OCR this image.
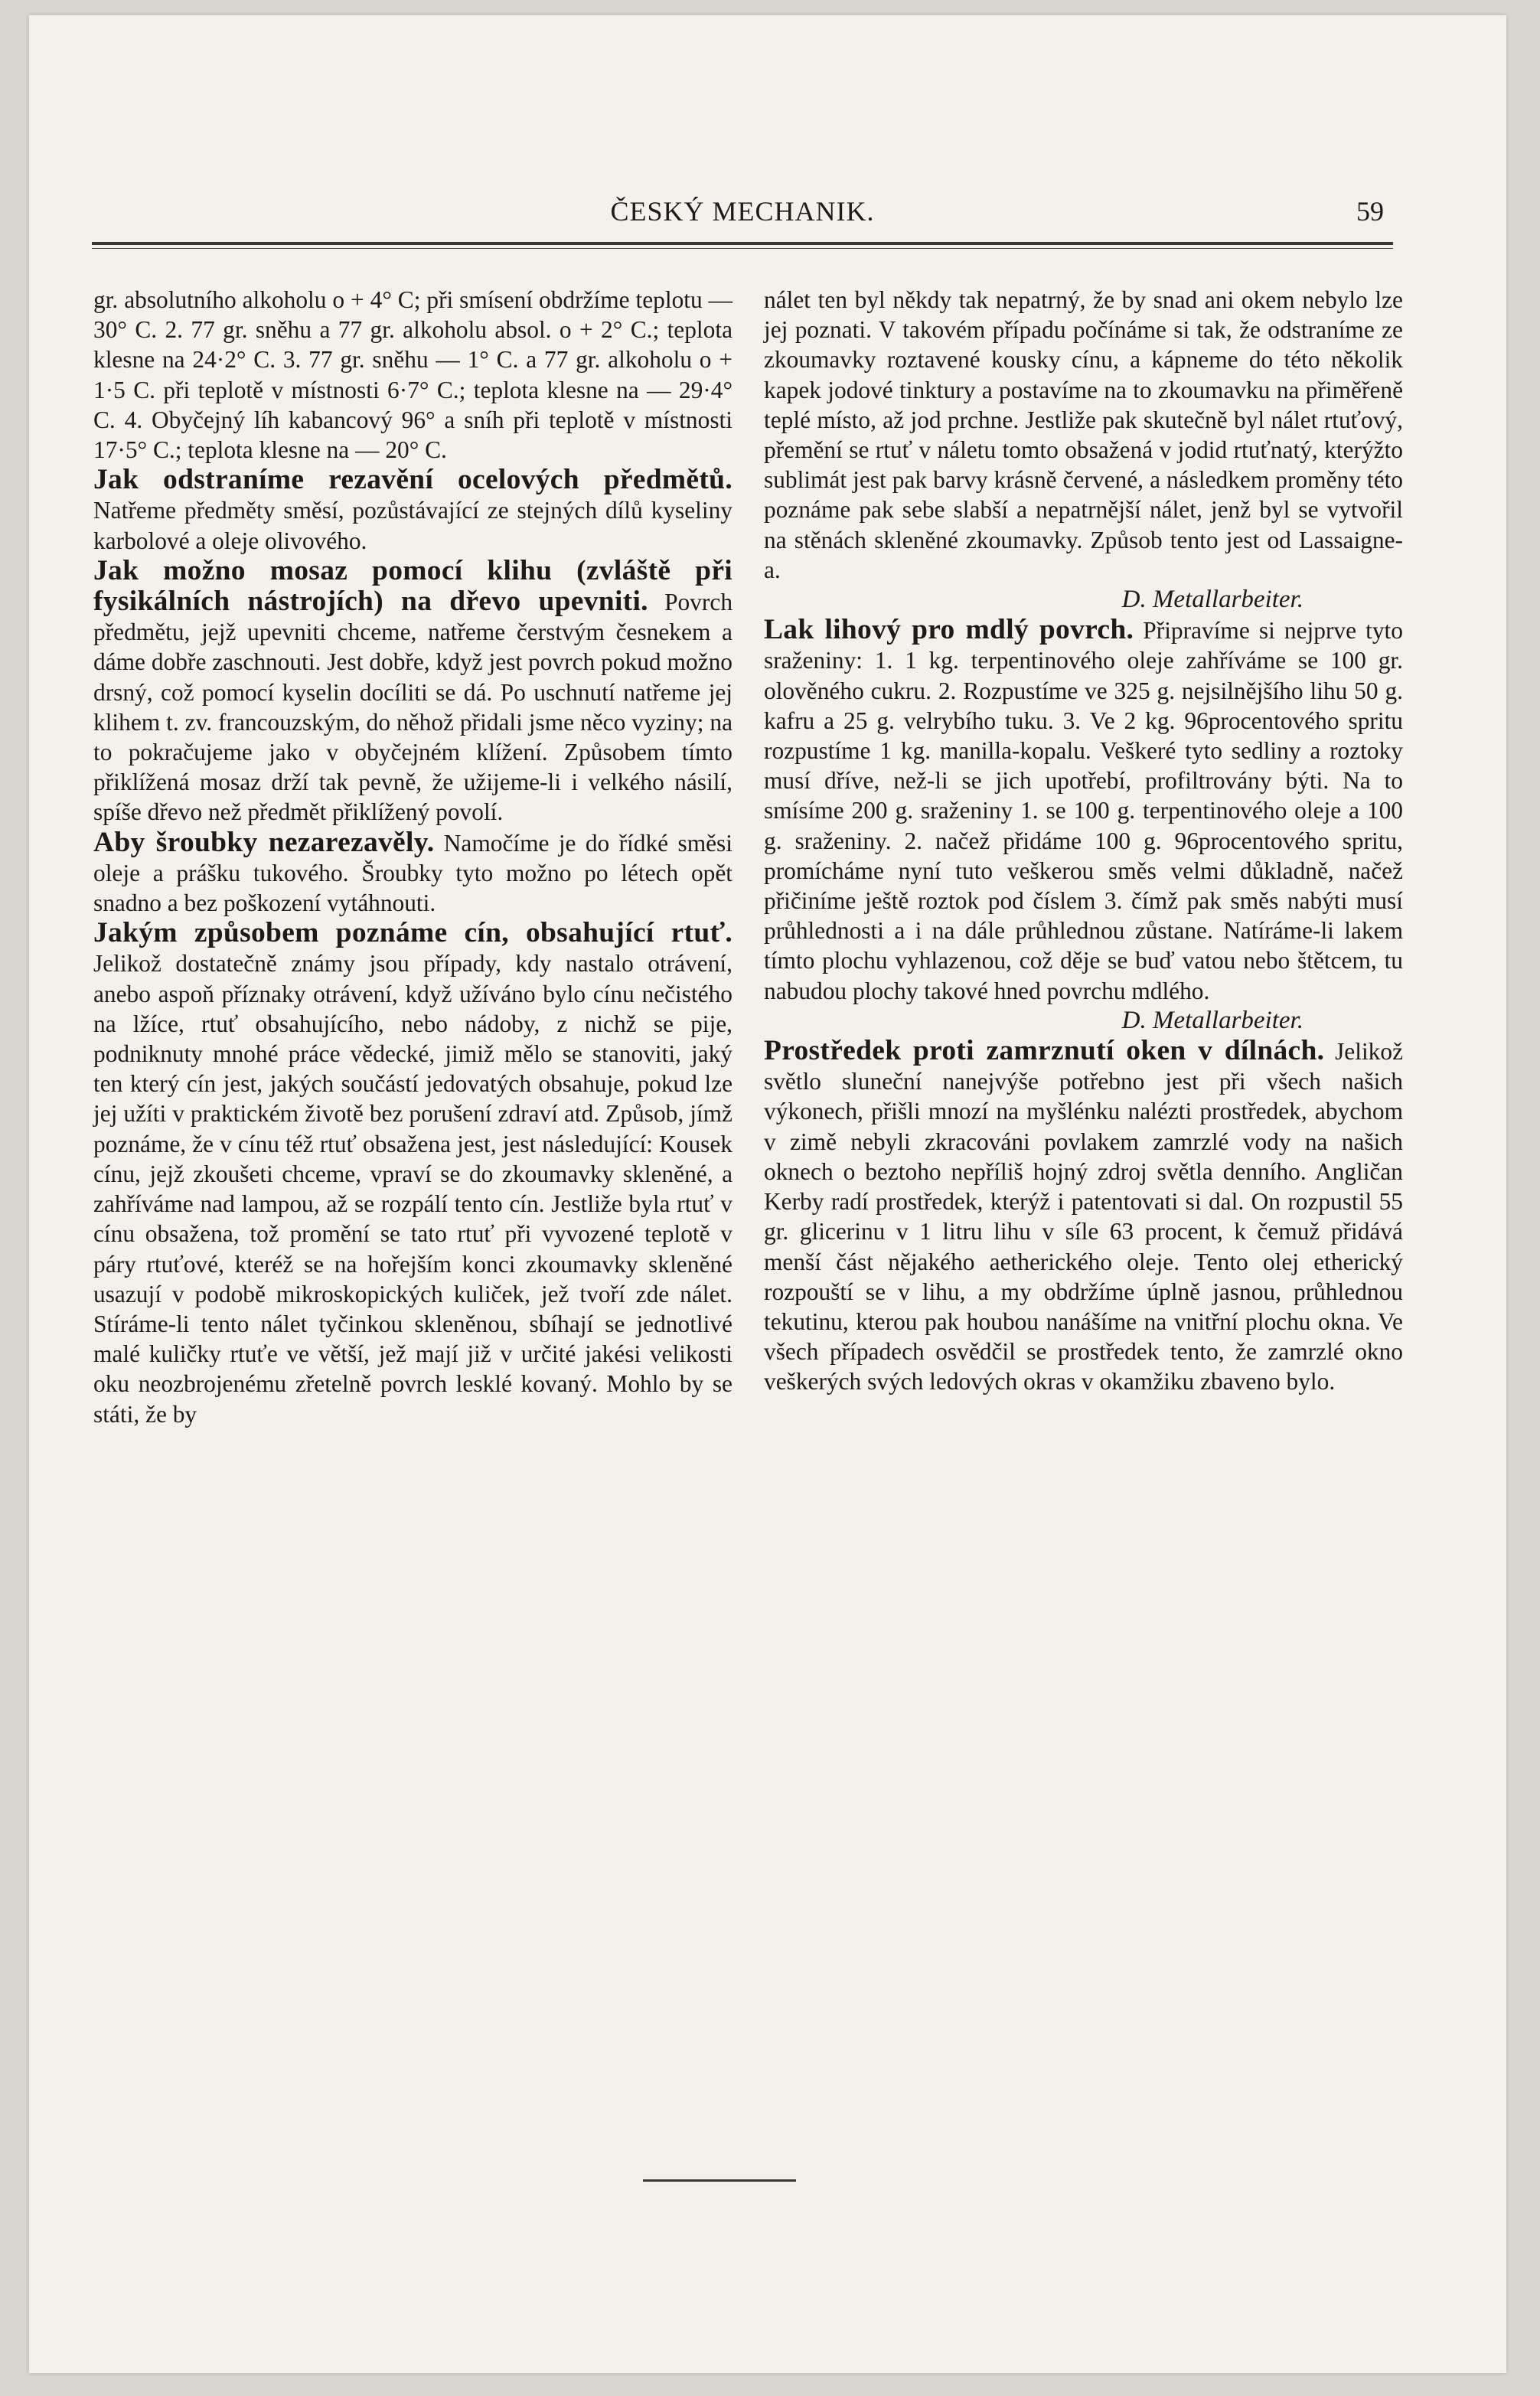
ČESKÝ MECHANIK.	59

gr. absolutního alkoholu o + 4° C; při smísení obdržíme teplotu — 30° C. 2. 77 gr. sněhu a 77 gr. alkoholu absol. o + 2° C.; teplota klesne na 24·2° C. 3. 77 gr. sněhu — 1° C. a 77 gr. alkoholu o + 1·5 C. při teplotě v místnosti 6·7° C.; teplota klesne na — 29·4° C. 4. Obyčejný líh kabancový 96° a sníh při teplotě v místnosti 17·5° C.; teplota klesne na — 20° C.

Jak odstraníme rezavění ocelových předmětů. Natřeme předměty směsí, pozůstávající ze stejných dílů kyseliny karbolové a oleje olivového.

Jak možno mosaz pomocí klihu (zvláště při fysikálních nástrojích) na dřevo upevniti. Povrch předmětu, jejž upevniti chceme, natřeme čerstvým česnekem a dáme dobře zaschnouti. Jest dobře, když jest povrch pokud možno drsný, což pomocí kyselin docíliti se dá. Po uschnutí natřeme jej klihem t. zv. francouzským, do něhož přidali jsme něco vyziny; na to pokračujeme jako v obyčejném klížení. Způsobem tímto přiklížená mosaz drží tak pevně, že užijeme-li i velkého násilí, spíše dřevo než předmět přiklížený povolí.

Aby šroubky nezarezavěly. Namočíme je do řídké směsi oleje a prášku tukového. Šroubky tyto možno po létech opět snadno a bez poškození vytáhnouti.

Jakým způsobem poznáme cín, obsahující rtuť. Jelikož dostatečně známy jsou případy, kdy nastalo otrávení, anebo aspoň příznaky otrávení, když užíváno bylo cínu nečistého na lžíce, rtuť obsahujícího, nebo nádoby, z nichž se pije, podniknuty mnohé práce vědecké, jimiž mělo se stanoviti, jaký ten který cín jest, jakých součástí jedovatých obsahuje, pokud lze jej užíti v praktickém životě bez porušení zdraví atd. Způsob, jímž poznáme, že v cínu též rtuť obsažena jest, jest následující: Kousek cínu, jejž zkoušeti chceme, vpraví se do zkoumavky skleněné, a zahříváme nad lampou, až se rozpálí tento cín. Jestliže byla rtuť v cínu obsažena, tož promění se tato rtuť při vyvozené teplotě v páry rtuťové, kteréž se na hořejším konci zkoumavky skleněné usazují v podobě mikroskopických kuliček, jež tvoří zde nálet. Stíráme-li tento nálet tyčinkou skleněnou, sbíhají se jednotlivé malé kuličky rtuťe ve větší, jež mají již v určité jakési velikosti oku neozbrojenému zřetelně povrch lesklé kovaný. Mohlo by se státi, že by

nálet ten byl někdy tak nepatrný, že by snad ani okem nebylo lze jej poznati. V takovém případu počínáme si tak, že odstraníme ze zkoumavky roztavené kousky cínu, a kápneme do této několik kapek jodové tinktury a postavíme na to zkoumavku na přiměřeně teplé místo, až jod prchne. Jestliže pak skutečně byl nálet rtuťový, přemění se rtuť v náletu tomto obsažená v jodid rtuťnatý, kterýžto sublimát jest pak barvy krásně červené, a následkem proměny této poznáme pak sebe slabší a nepatrnější nálet, jenž byl se vytvořil na stěnách skleněné zkoumavky. Způsob tento jest od Lassaigne-a.

D. Metallarbeiter.

Lak lihový pro mdlý povrch. Připravíme si nejprve tyto sraženiny: 1. 1 kg. terpentinového oleje zahříváme se 100 gr. olověného cukru. 2. Rozpustíme ve 325 g. nejsilnějšího lihu 50 g. kafru a 25 g. velrybího tuku. 3. Ve 2 kg. 96procentového spritu rozpustíme 1 kg. manilla-kopalu. Veškeré tyto sedliny a roztoky musí dříve, než-li se jich upotřebí, profiltrovány býti. Na to smísíme 200 g. sraženiny 1. se 100 g. terpentinového oleje a 100 g. sraženiny. 2. načež přidáme 100 g. 96procentového spritu, promícháme nyní tuto veškerou směs velmi důkladně, načež přičiníme ještě roztok pod číslem 3. čímž pak směs nabýti musí průhlednosti a i na dále průhlednou zůstane. Natíráme-li lakem tímto plochu vyhlazenou, což děje se buď vatou nebo štětcem, tu nabudou plochy takové hned povrchu mdlého.

D. Metallarbeiter.

Prostředek proti zamrznutí oken v dílnách. Jelikož světlo sluneční nanejvýše potřebno jest při všech našich výkonech, přišli mnozí na myšlénku nalézti prostředek, abychom v zimě nebyli zkracováni povlakem zamrzlé vody na našich oknech o beztoho nepříliš hojný zdroj světla denního. Angličan Kerby radí prostředek, kterýž i patentovati si dal. On rozpustil 55 gr. glicerinu v 1 litru lihu v síle 63 procent, k čemuž přidává menší část nějakého aetherického oleje. Tento olej etherický rozpouští se v lihu, a my obdržíme úplně jasnou, průhlednou tekutinu, kterou pak houbou nanášíme na vnitřní plochu okna. Ve všech případech osvědčil se prostředek tento, že zamrzlé okno veškerých svých ledových okras v okamžiku zbaveno bylo.
